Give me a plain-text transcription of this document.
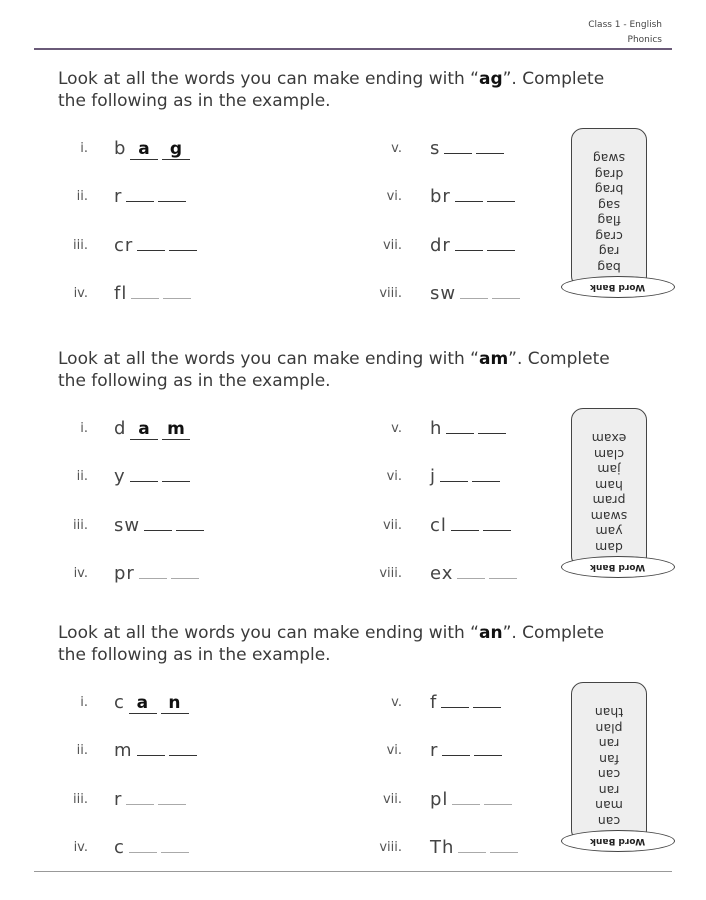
Class 1 - English
Phonics
Look at all the words you can make ending with “ag”. Complete
the following as in the example.
i. b a g
ii. r
iii. cr
iv. fl
v. s
vi. br
vii. dr
viii. sw
bag
rag
crag
flag
sag
brag
drag
swag
Word Bank
Look at all the words you can make ending with “am”. Complete
the following as in the example.
i. d a m
ii. y
iii. sw
iv. pr
v. h
vi. j
vii. cl
viii. ex
dam
yam
swam
pram
ham
jam
clam
exam
Word Bank
Look at all the words you can make ending with “an”. Complete
the following as in the example.
i. c a n
ii. m
iii. r
iv. c
v. f
vi. r
vii. pl
viii. Th
can
man
ran
can
fan
ran
plan
than
Word Bank
